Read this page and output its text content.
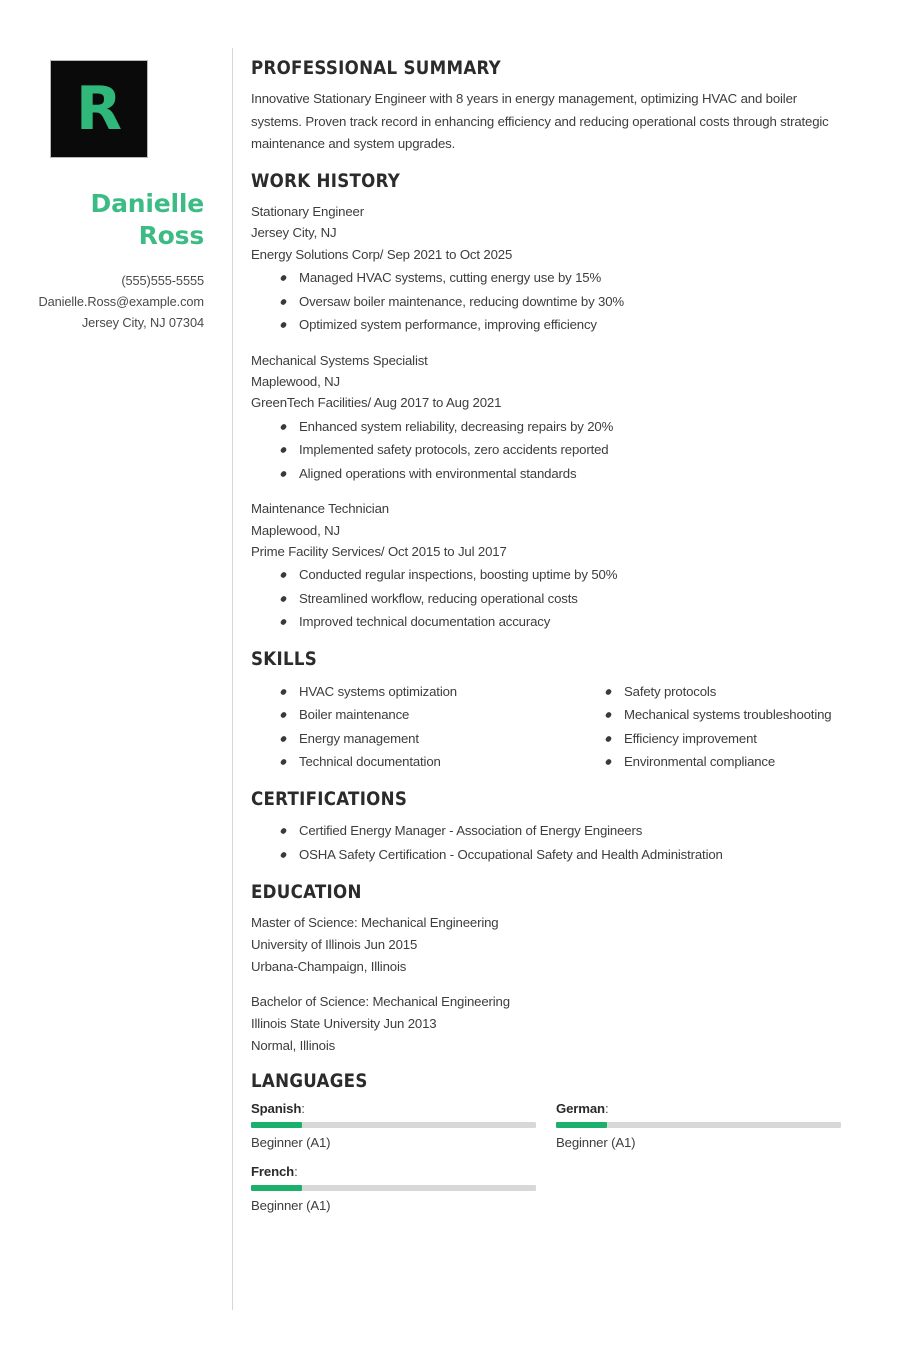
R
Danielle
Ross
(555)555-5555
Danielle.Ross@example.com
Jersey City, NJ 07304
PROFESSIONAL SUMMARY

Innovative Stationary Engineer with 8 years in energy management, optimizing HVAC and boiler systems. Proven track record in enhancing efficiency and reducing operational costs through strategic maintenance and system upgrades.

WORK HISTORY
Stationary Engineer
Jersey City, NJ
Energy Solutions Corp/ Sep 2021 to Oct 2025
Managed HVAC systems, cutting energy use by 15%
Oversaw boiler maintenance, reducing downtime by 30%
Optimized system performance, improving efficiency
Mechanical Systems Specialist
Maplewood, NJ
GreenTech Facilities/ Aug 2017 to Aug 2021
Enhanced system reliability, decreasing repairs by 20%
Implemented safety protocols, zero accidents reported
Aligned operations with environmental standards
Maintenance Technician
Maplewood, NJ
Prime Facility Services/ Oct 2015 to Jul 2017
Conducted regular inspections, boosting uptime by 50%
Streamlined workflow, reducing operational costs
Improved technical documentation accuracy
SKILLS
HVAC systems optimization
Boiler maintenance
Energy management
Technical documentation
Safety protocols
Mechanical systems troubleshooting
Efficiency improvement
Environmental compliance
CERTIFICATIONS
Certified Energy Manager - Association of Energy Engineers
OSHA Safety Certification - Occupational Safety and Health Administration
EDUCATION
Master of Science: Mechanical Engineering
University of Illinois Jun 2015
Urbana-Champaign, Illinois
Bachelor of Science: Mechanical Engineering
Illinois State University Jun 2013
Normal, Illinois
LANGUAGES
Spanish:
Beginner (A1)
German:
Beginner (A1)
French:
Beginner (A1)
